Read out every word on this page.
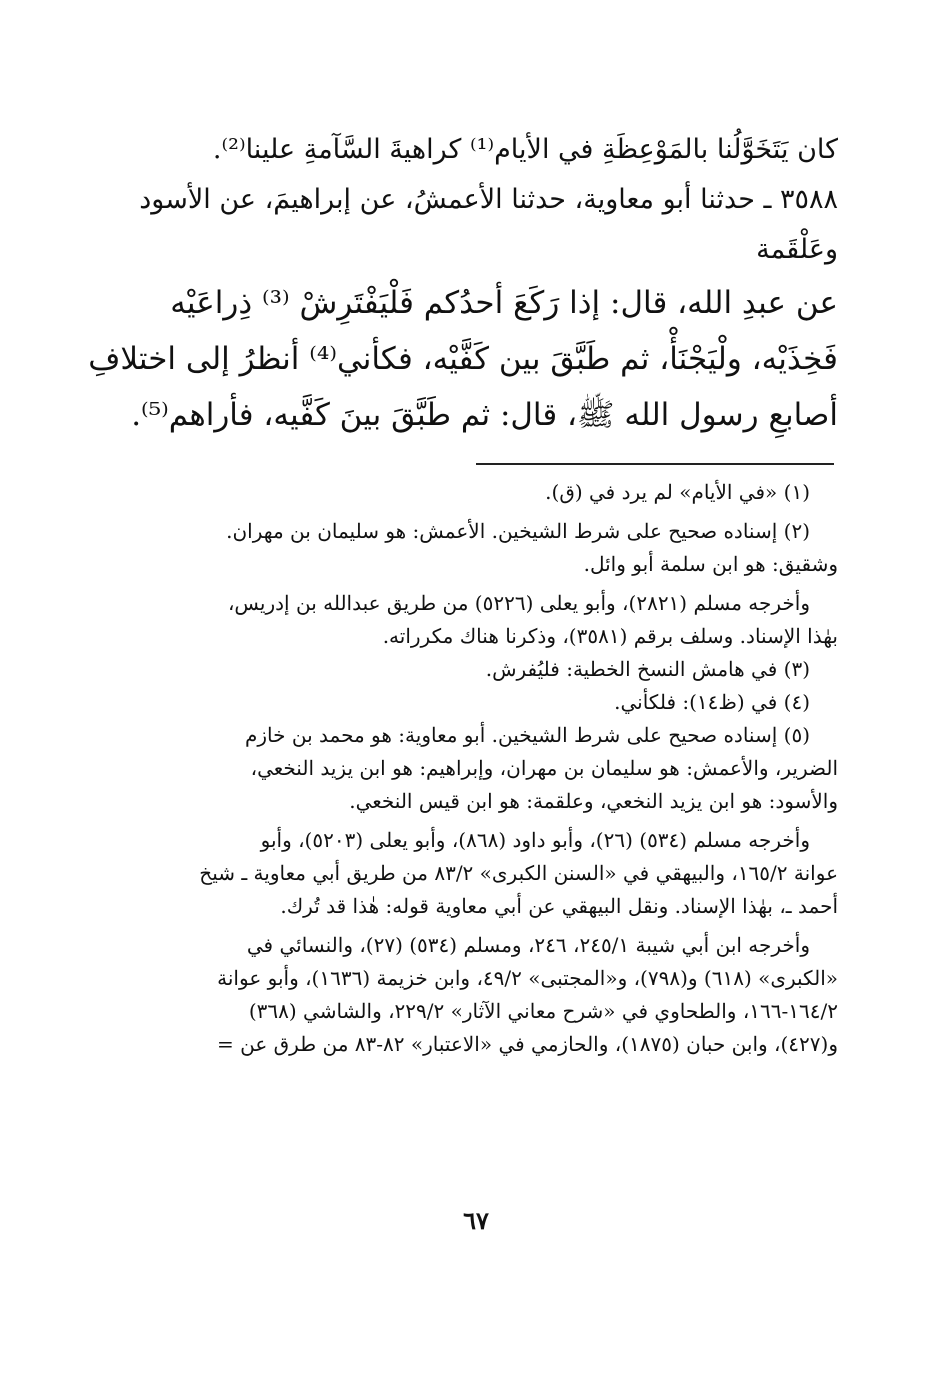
كان يَتَخَوَّلُنا بالمَوْعِظَةِ في الأيام⁽¹⁾ كراهيةَ السَّآمةِ علينا⁽²⁾.
٣٥٨٨ ـ حدثنا أبو معاوية، حدثنا الأعمشُ، عن إبراهيمَ، عن الأسود
وعَلْقَمة
عن عبدِ الله، قال: إذا رَكَعَ أحدُكم فَلْيَفْتَرِشْ ⁽³⁾ ذِراعَيْه
فَخِذَيْه، ولْيَجْنَأْ، ثم طَبَّقَ بين كَفَّيْه، فكأني⁽⁴⁾ أنظرُ إلى اختلافِ
أصابعِ رسول الله ﷺ، قال: ثم طَبَّقَ بينَ كَفَّيه، فأراهم⁽⁵⁾.
(١) «في الأيام» لم يرد في (ق).
(٢) إسناده صحيح على شرط الشيخين. الأعمش: هو سليمان بن مهران.
وشقيق: هو ابن سلمة أبو وائل.
وأخرجه مسلم (٢٨٢١)، وأبو يعلى (٥٢٢٦) من طريق عبدالله بن إدريس،
بهٰذا الإسناد. وسلف برقم (٣٥٨١)، وذكرنا هناك مكرراته.
(٣) في هامش النسخ الخطية: فليُفرش.
(٤) في (ظ١٤): فلكأني.
(٥) إسناده صحيح على شرط الشيخين. أبو معاوية: هو محمد بن خازم
الضرير، والأعمش: هو سليمان بن مهران، وإبراهيم: هو ابن يزيد النخعي،
والأسود: هو ابن يزيد النخعي، وعلقمة: هو ابن قيس النخعي.
وأخرجه مسلم (٥٣٤) (٢٦)، وأبو داود (٨٦٨)، وأبو يعلى (٥٢٠٣)، وأبو
عوانة ١٦٥/٢، والبيهقي في «السنن الكبرى» ٨٣/٢ من طريق أبي معاوية ـ شيخ
أحمد ـ، بهٰذا الإسناد. ونقل البيهقي عن أبي معاوية قوله: هٰذا قد تُرك.
وأخرجه ابن أبي شيبة ٢٤٥/١، ٢٤٦، ومسلم (٥٣٤) (٢٧)، والنسائي في
«الكبرى» (٦١٨) و(٧٩٨)، و«المجتبى» ٤٩/٢، وابن خزيمة (١٦٣٦)، وأبو عوانة
١٦٤/٢-١٦٦، والطحاوي في «شرح معاني الآثار» ٢٢٩/٢، والشاشي (٣٦٨)
و(٤٢٧)، وابن حبان (١٨٧٥)، والحازمي في «الاعتبار» ٨٢-٨٣ من طرق عن =
٦٧
